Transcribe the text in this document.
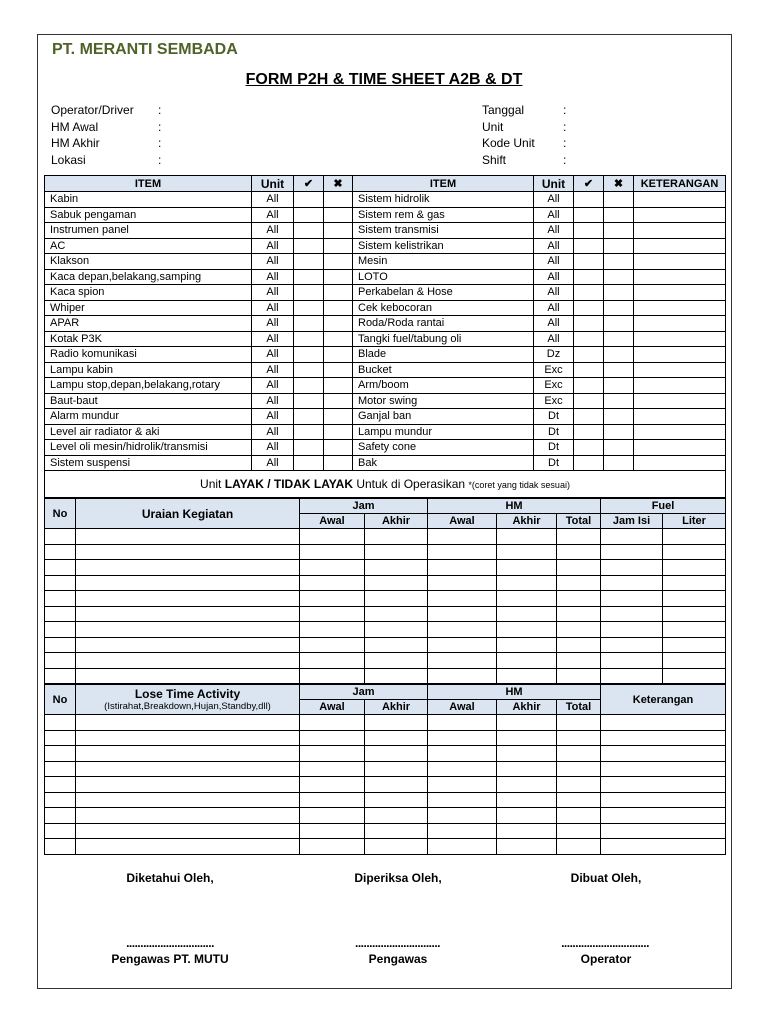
PT. MERANTI SEMBADA
FORM P2H & TIME SHEET A2B & DT
Operator/Driver	:
HM Awal	:
HM Akhir	:
Lokasi	:
Tanggal	:
Unit	:
Kode Unit	:
Shift	:
ITEM	Unit	✔	✖	ITEM	Unit	✔	✖	KETERANGAN
Kabin	All			Sistem hidrolik	All			
Sabuk pengaman	All			Sistem rem & gas	All			
Instrumen panel	All			Sistem transmisi	All			
AC	All			Sistem kelistrikan	All			
Klakson	All			Mesin	All			
Kaca depan,belakang,samping	All			LOTO	All			
Kaca spion	All			Perkabelan & Hose	All			
Whiper	All			Cek kebocoran	All			
APAR	All			Roda/Roda rantai	All			
Kotak P3K	All			Tangki fuel/tabung oli	All			
Radio komunikasi	All			Blade	Dz			
Lampu kabin	All			Bucket	Exc			
Lampu stop,depan,belakang,rotary	All			Arm/boom	Exc			
Baut-baut	All			Motor swing	Exc			
Alarm mundur	All			Ganjal ban	Dt			
Level air radiator & aki	All			Lampu mundur	Dt			
Level oli mesin/hidrolik/transmisi	All			Safety cone	Dt			
Sistem suspensi	All			Bak	Dt			
Unit LAYAK / TIDAK LAYAK Untuk di Operasikan *(coret yang tidak sesuai)								
No	Uraian Kegiatan	Jam		HM			Fuel	
		Awal	Akhir	Awal	Akhir	Total	Jam Isi	Liter

No	Lose Time Activity
(Istirahat,Breakdown,Hujan,Standby,dll)	Jam		HM			Keterangan
		Awal	Akhir	Awal	Akhir	Total	

Diketahui Oleh,	Diperiksa Oleh,	Dibuat Oleh,
...............................	..............................	...............................
Pengawas PT. MUTU	Pengawas	Operator
